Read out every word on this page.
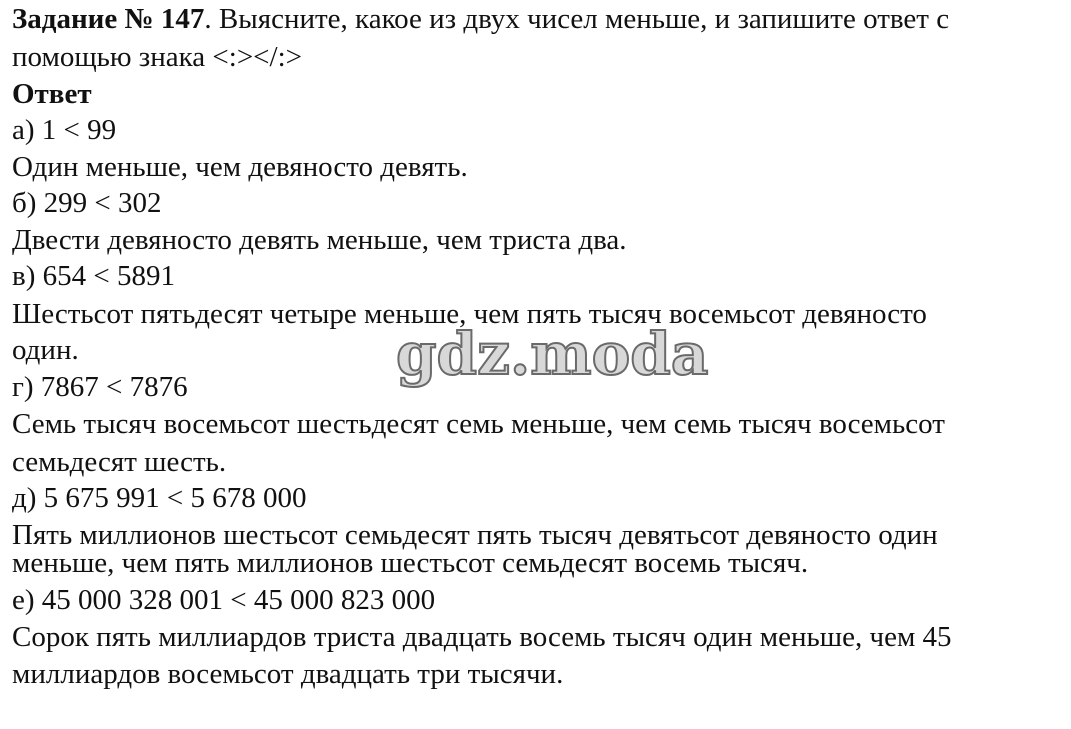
Задание № 147. Выясните, какое из двух чисел меньше, и запишите ответ с
помощью знака <:></:>
Ответ
а) 1 < 99
Один меньше, чем девяносто девять.
б) 299 < 302
Двести девяносто девять меньше, чем триста два.
в) 654 < 5891
Шестьсот пятьдесят четыре меньше, чем пять тысяч восемьсот девяносто
один.
г) 7867 < 7876
Семь тысяч восемьсот шестьдесят семь меньше, чем семь тысяч восемьсот
семьдесят шесть.
д) 5 675 991 < 5 678 000
Пять миллионов шестьсот семьдесят пять тысяч девятьсот девяносто один
меньше, чем пять миллионов шестьсот семьдесят восемь тысяч.
е) 45 000 328 001 < 45 000 823 000
Сорок пять миллиардов триста двадцать восемь тысяч один меньше, чем 45
миллиардов восемьсот двадцать три тысячи.
gdz.moda
